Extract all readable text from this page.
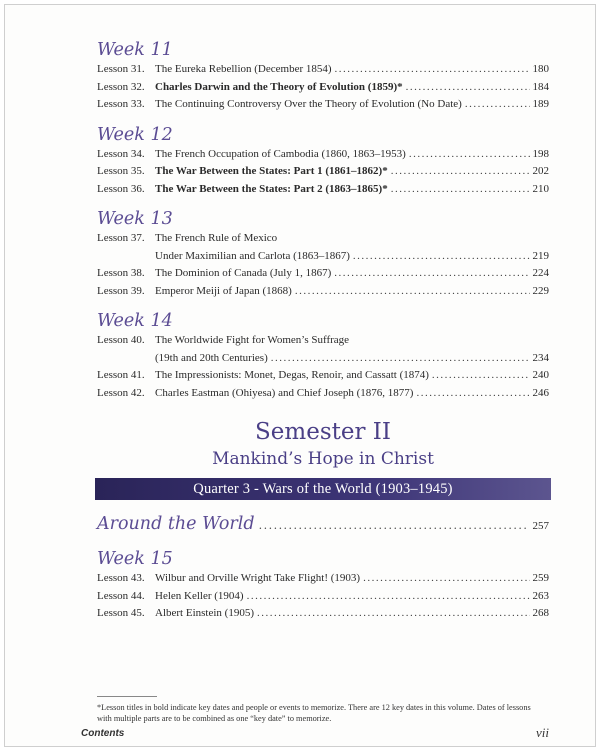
Week 11
Lesson 31. The Eureka Rebellion (December 1854) .....	180
Lesson 32. Charles Darwin and the Theory of Evolution (1859)* .....	184
Lesson 33. The Continuing Controversy Over the Theory of Evolution (No Date) .....	189
Week 12
Lesson 34. The French Occupation of Cambodia (1860, 1863–1953) .....	198
Lesson 35. The War Between the States: Part 1 (1861–1862)* .....	202
Lesson 36. The War Between the States: Part 2 (1863–1865)* .....	210
Week 13
Lesson 37. The French Rule of Mexico
Under Maximilian and Carlota (1863–1867) .....	219
Lesson 38. The Dominion of Canada (July 1, 1867) .....	224
Lesson 39. Emperor Meiji of Japan (1868) .....	229
Week 14
Lesson 40. The Worldwide Fight for Women’s Suffrage
(19th and 20th Centuries) .....	234
Lesson 41. The Impressionists: Monet, Degas, Renoir, and Cassatt (1874) .....	240
Lesson 42. Charles Eastman (Ohiyesa) and Chief Joseph (1876, 1877) .....	246
Semester II
Mankind’s Hope in Christ
Quarter 3 - Wars of the World (1903–1945)
Around the World .....	257
Week 15
Lesson 43. Wilbur and Orville Wright Take Flight! (1903) .....	259
Lesson 44. Helen Keller (1904) .....	263
Lesson 45. Albert Einstein (1905) .....	268
*Lesson titles in bold indicate key dates and people or events to memorize. There are 12 key dates in this volume. Dates of lessons with multiple parts are to be combined as one “key date” to memorize.
Contents	vii
